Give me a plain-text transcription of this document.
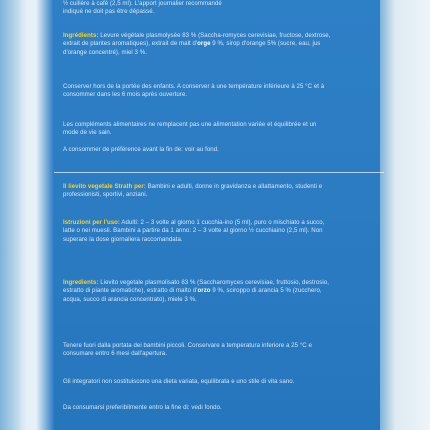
½ cuillère à café (2,5 ml). L'apport journalier recommandé
indiqué ne doit pas être dépassé.
Ingrédients: Levure végétale plasmolysée 83 % (Saccha-romyces cerevisiae, fructose, dextrose, extrait de plantes aromatiques), extrait de malt d'orge 9 %, sirop d'orange 5% (sucre, eau, jus d'orange concentré), miel 3 %.
Conserver hors de la portée des enfants. A conserver à une température inférieure à 25 °C et à consommer dans les 6 mois après ouverture.
Les compléments alimentaires ne remplacent pas une alimentation variée et équilibrée et un mode de vie sain.
A consommer de préférence avant la fin de: voir au fond.
Il lievito vegetale Strath per: Bambini e adulti, donne in gravidanza e allattamento, studenti e professionisti, sportivi, anziani.
Istruzioni per l'uso: Adulti: 2 – 3 volte al giorno 1 cucchia-ino (5 ml), puro o mischiato a succo, latte o nei muesli. Bambini a partire da 1 anno: 2 – 3 volte al giorno ½ cucchiaino (2,5 ml). Non superare la dose giornaliera raccomandata.
Ingredients: Lievito vegetale plasmolisato 83 % (Saccharomyces cerevisiae, fruttosio, destrosio, estratto di piante aromatiche), estratto di malto d'orzo 9 %, sciroppo di arancia 5 % (zucchero, acqua, succo di arancia concentrato), miele 3 %.
Tenere fuori dalla portata dei bambini piccoli. Conservare a temperatura inferiore a 25 °C e consumare entro 6 mesi dall'apertura.
Gli integratori non sostituiscono una dieta variata, equilibrata e uno stile di vita sano.
Da consumarsi preferibilmente entro la fine di: vedi fondo.
